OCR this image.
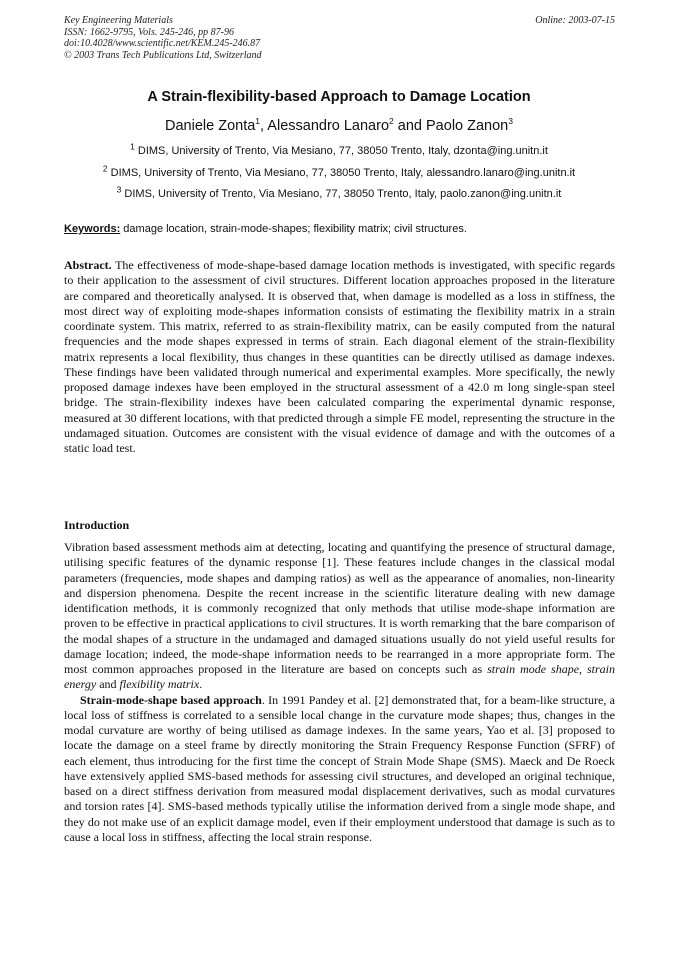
Key Engineering Materials
ISSN: 1662-9795, Vols. 245-246, pp 87-96
doi:10.4028/www.scientific.net/KEM.245-246.87
© 2003 Trans Tech Publications Ltd, Switzerland
Online: 2003-07-15
A Strain-flexibility-based Approach to Damage Location
Daniele Zonta$^1$, Alessandro Lanaro$^2$ and Paolo Zanon$^3$
$^1$ DIMS, University of Trento, Via Mesiano, 77, 38050 Trento, Italy, dzonta@ing.unitn.it
$^2$ DIMS, University of Trento, Via Mesiano, 77, 38050 Trento, Italy, alessandro.lanaro@ing.unitn.it
$^3$ DIMS, University of Trento, Via Mesiano, 77, 38050 Trento, Italy, paolo.zanon@ing.unitn.it
Keywords: damage location, strain-mode-shapes; flexibility matrix; civil structures.

Abstract. The effectiveness of mode-shape-based damage location methods is investigated, with specific regards to their application to the assessment of civil structures. Different location approaches proposed in the literature are compared and theoretically analysed. It is observed that, when damage is modelled as a loss in stiffness, the most direct way of exploiting mode-shapes information consists of estimating the flexibility matrix in a strain coordinate system. This matrix, referred to as strain-flexibility matrix, can be easily computed from the natural frequencies and the mode shapes expressed in terms of strain. Each diagonal element of the strain-flexibility matrix represents a local flexibility, thus changes in these quantities can be directly utilised as damage indexes. These findings have been validated through numerical and experimental examples. More specifically, the newly proposed damage indexes have been employed in the structural assessment of a 42.0 m long single-span steel bridge. The strain-flexibility indexes have been calculated comparing the experimental dynamic response, measured at 30 different locations, with that predicted through a simple FE model, representing the structure in the undamaged situation. Outcomes are consistent with the visual evidence of damage and with the outcomes of a static load test.

Introduction

Vibration based assessment methods aim at detecting, locating and quantifying the presence of structural damage, utilising specific features of the dynamic response [1]. These features include changes in the classical modal parameters (frequencies, mode shapes and damping ratios) as well as the appearance of anomalies, non-linearity and dispersion phenomena. Despite the recent increase in the scientific literature dealing with new damage identification methods, it is commonly recognized that only methods that utilise mode-shape information are proven to be effective in practical applications to civil structures. It is worth remarking that the bare comparison of the modal shapes of a structure in the undamaged and damaged situations usually do not yield useful results for damage location; indeed, the mode-shape information needs to be rearranged in a more appropriate form. The most common approaches proposed in the literature are based on concepts such as strain mode shape, strain energy and flexibility matrix.

Strain-mode-shape based approach. In 1991 Pandey et al. [2] demonstrated that, for a beam-like structure, a local loss of stiffness is correlated to a sensible local change in the curvature mode shapes; thus, changes in the modal curvature are worthy of being utilised as damage indexes. In the same years, Yao et al. [3] proposed to locate the damage on a steel frame by directly monitoring the Strain Frequency Response Function (SFRF) of each element, thus introducing for the first time the concept of Strain Mode Shape (SMS). Maeck and De Roeck have extensively applied SMS-based methods for assessing civil structures, and developed an original technique, based on a direct stiffness derivation from measured modal displacement derivatives, such as modal curvatures and torsion rates [4]. SMS-based methods typically utilise the information derived from a single mode shape, and they do not make use of an explicit damage model, even if their employment understood that damage is such as to cause a local loss in stiffness, affecting the local strain response.
